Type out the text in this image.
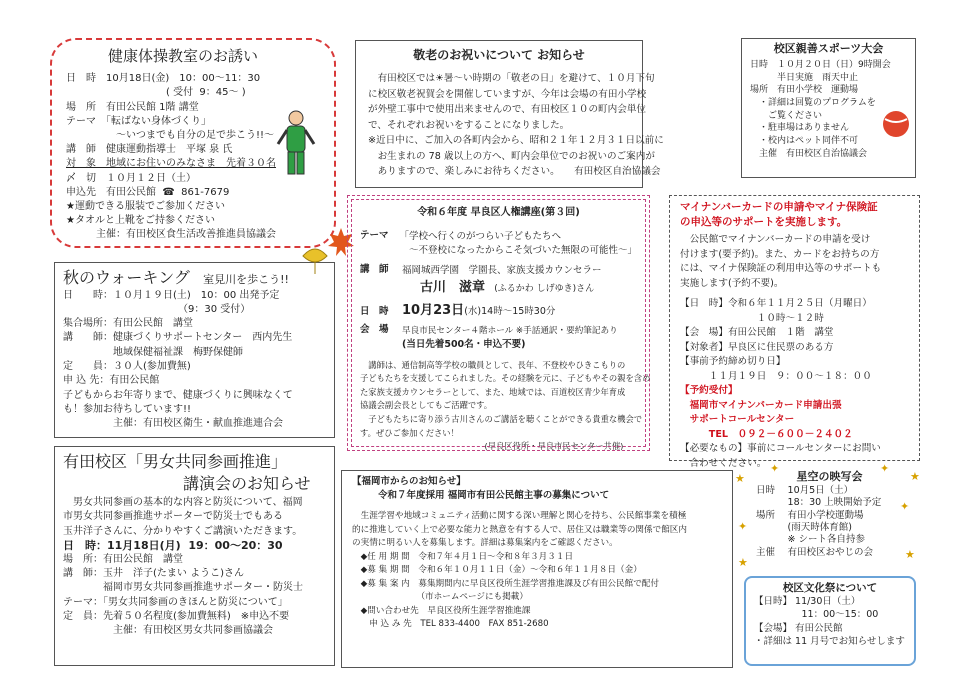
健康体操教室のお誘い
日　時　10月18日(金)　10：00～11：30
　　　　　　　　　　( 受付  9：45～ )
場　所　有田公民館 1階 講堂
テーマ　「転ばない身体づくり」
　　　　　～いつまでも自分の足で歩こう!!～
講　師　健康運動指導士　平塚 泉 氏
対　象　地域にお住いのみなさま　先着３０名
〆　切　１０月１２日（土）
申込先　有田公民館  ☎  861-7679
★運動できる服装でご参加ください
★タオルと上靴をご持参ください
　　　主催：有田校区食生活改善推進員協議会
秋のウォーキング 室見川を歩こう!!
日　　時：１０月１９日(土)　10：00 出発予定
　　　　　　　　　　　　（9：30 受付）
集合場所：有田公民館　講堂
講　　師：健康づくりサポートセンター　西内先生
　　　　　地域保健福祉課　梅野保健師
定　　員：３０人(参加費無)
申 込 先：有田公民館
子どもからお年寄りまで、健康づくりに興味なくて
も！参加お待ちしています!!
　　　　　主催：有田校区衛生・献血推進連合会
有田校区「男女共同参画推進」
講演会のお知らせ
　男女共同参画の基本的な内容と防災について、福岡
市男女共同参画推進サポーターで防災士でもある
玉井洋子さんに、分かりやすくご講演いただきます。
日　時：11月18日(月)  19：00～20：30
場　所：有田公民館　講堂
講　師：玉井　洋子(たまい ようこ)さん
　　　　福岡市男女共同参画推進サポーター・防災士
テーマ：「男女共同参画のきほんと防災について」
定　員：先着５０名程度(参加費無料)　※申込不要
　　　　　主催：有田校区男女共同参画協議会
敬老のお祝いについて お知らせ
　有田校区では☀暑～い時期の「敬老の日」を避けて、１０月下旬
に校区敬老祝賀会を開催していますが、今年は会場の有田小学校
が外壁工事中で使用出来ませんので、有田校区１０の町内会単位
で、それぞれお祝いをすることになりました。
※近日中に、ご加入の各町内会から、昭和２１年１２月３１日以前に
　お生まれの 78 歳以上の方へ、町内会単位でのお祝いのご案内が
　ありますので、楽しみにお待ちください。　　有田校区自治協議会
校区親善スポーツ大会
日時　１０月２０日（日）9時開会
　　　半日実施　雨天中止
場所　有田小学校　運動場
　・詳細は回覧のプログラムを
　　ご覧ください
　・駐車場はありません
　・校内はペット同伴不可
　主催　有田校区自治協議会
令和６年度 早良区人権講座(第３回)
テーマ	「学校へ行くのがつらい子どもたちへ
　～不登校になったからこそ気づいた無限の可能性～」
講　師	福岡城西学園　学園長、家族支援カウンセラー
古川　滋章 (ふるかわ しげゆき)さん
日　時	10月23日 (水)14時～15時30分
会　場	早良市民センター４階ホール ※手話通訳・要約筆記あり
(当日先着500名・申込不要)
　講師は、通信制高等学校の職員として、長年、不登校やひきこもりの
子どもたちを支援してこられました。その経験を元に、子どもやその親を含め
た家族支援カウンセラーとして、また、地域では、百道校区青少年育成
協議会副会長としてもご活躍です。
　子どもたちに寄り添う古川さんのご講話を聴くことができる貴重な機会で
す。ぜひご参加ください！
　　　　　　　　　　　　　　　(早良区役所・早良市民センター共催)
マイナンバーカードの申請やマイナ保険証
の申込等のサポートを実施します。
　公民館でマイナンバーカードの申請を受け
付けます(要予約)。また、カードをお持ちの方
には、マイナ保険証の利用申込等のサポートも
実施します(予約不要)。
【日　時】令和６年１１月２５日（月曜日）
　　　　　　　　１０時～１２時
【会　場】有田公民館　１階　講堂
【対象者】早良区に住民票のある方
【事前予約締め切り日】
　　　１１月１９日　９：００～１８：００
【予約受付】
　福岡市マイナンバーカード申請出張
　サポートコールセンター
　　　TEL　０９２－６００－２４０２
【必要なもの】事前にコールセンターにお問い
　合わせください。
【福岡市からのお知らせ】
令和７年度採用 福岡市有田公民館主事の募集について
　生涯学習や地域コミュニティ活動に関する深い理解と関心を持ち、公民館事業を積極
的に推進していく上で必要な能力と熱意を有する人で、居住又は職業等の関係で館区内
の実情に明るい人を募集します。詳細は募集案内をご確認ください。
　◆任 用 期 間　令和７年４月１日～令和８年３月３１日
　◆募 集 期 間　令和６年１０月１１日（金）～令和６年１１月８日（金）
　◆募 集 案 内　募集期間内に早良区役所生涯学習推進課及び有田公民館で配付
　　　　　　　　（市ホームページにも掲載）
　◆問い合わせ先　早良区役所生涯学習推進課
　　申 込 み 先　TEL 833-4400　FAX 851-2680
星空の映写会
日時　 10月5日（土）
　　　 18：30 上映開始予定
場所　 有田小学校運動場
　　　 (雨天時体育館)
　　　 ※ シート各自持参
主催　 有田校区おやじの会
★	★
✦
✦
★
★
✦	✦
校区文化祭について
【日時】 11/30日（土）
　　　　　11：00～15：00
【会場】 有田公民館
・詳細は 11 月号でお知らせします
